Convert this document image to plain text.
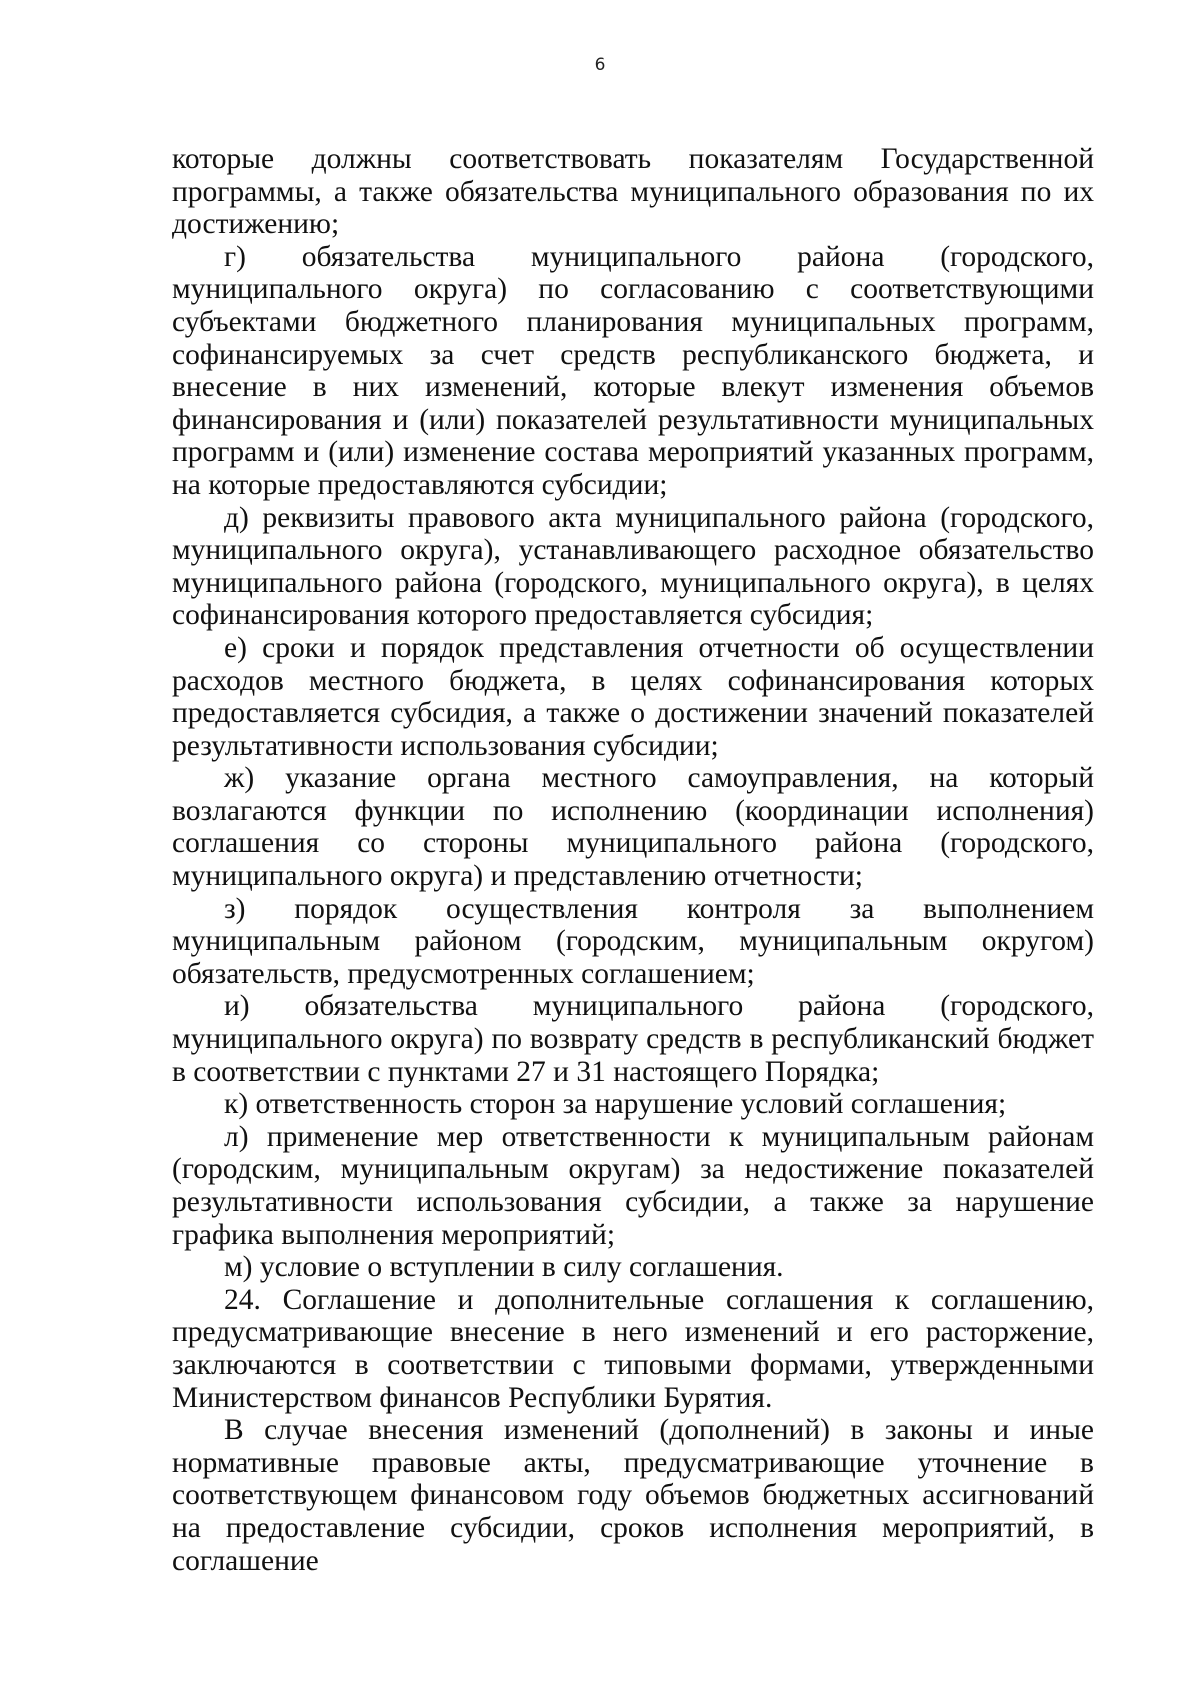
6

которые должны соответствовать показателям Государственной программы, а также обязательства муниципального образования по их достижению;

г) обязательства муниципального района (городского, муниципального округа) по согласованию с соответствующими субъектами бюджетного планирования муниципальных программ, софинансируемых за счет средств республиканского бюджета, и внесение в них изменений, которые влекут изменения объемов финансирования и (или) показателей результативности муниципальных программ и (или) изменение состава мероприятий указанных программ, на которые предоставляются субсидии;

д) реквизиты правового акта муниципального района (городского, муниципального округа), устанавливающего расходное обязательство муниципального района (городского, муниципального округа), в целях софинансирования которого предоставляется субсидия;

е) сроки и порядок представления отчетности об осуществлении расходов местного бюджета, в целях софинансирования которых предоставляется субсидия, а также о достижении значений показателей результативности использования субсидии;

ж) указание органа местного самоуправления, на который возлагаются функции по исполнению (координации исполнения) соглашения со стороны муниципального района (городского, муниципального округа) и представлению отчетности;

з) порядок осуществления контроля за выполнением муниципальным районом (городским, муниципальным округом) обязательств, предусмотренных соглашением;

и) обязательства муниципального района (городского, муниципального округа) по возврату средств в республиканский бюджет в соответствии с пунктами 27 и 31 настоящего Порядка;

к) ответственность сторон за нарушение условий соглашения;

л) применение мер ответственности к муниципальным районам (городским, муниципальным округам) за недостижение показателей результативности использования субсидии, а также за нарушение графика выполнения мероприятий;

м) условие о вступлении в силу соглашения.

24. Соглашение и дополнительные соглашения к соглашению, предусматривающие внесение в него изменений и его расторжение, заключаются в соответствии с типовыми формами, утвержденными Министерством финансов Республики Бурятия.

В случае внесения изменений (дополнений) в законы и иные нормативные правовые акты, предусматривающие уточнение в соответствующем финансовом году объемов бюджетных ассигнований на предоставление субсидии, сроков исполнения мероприятий, в соглашение
